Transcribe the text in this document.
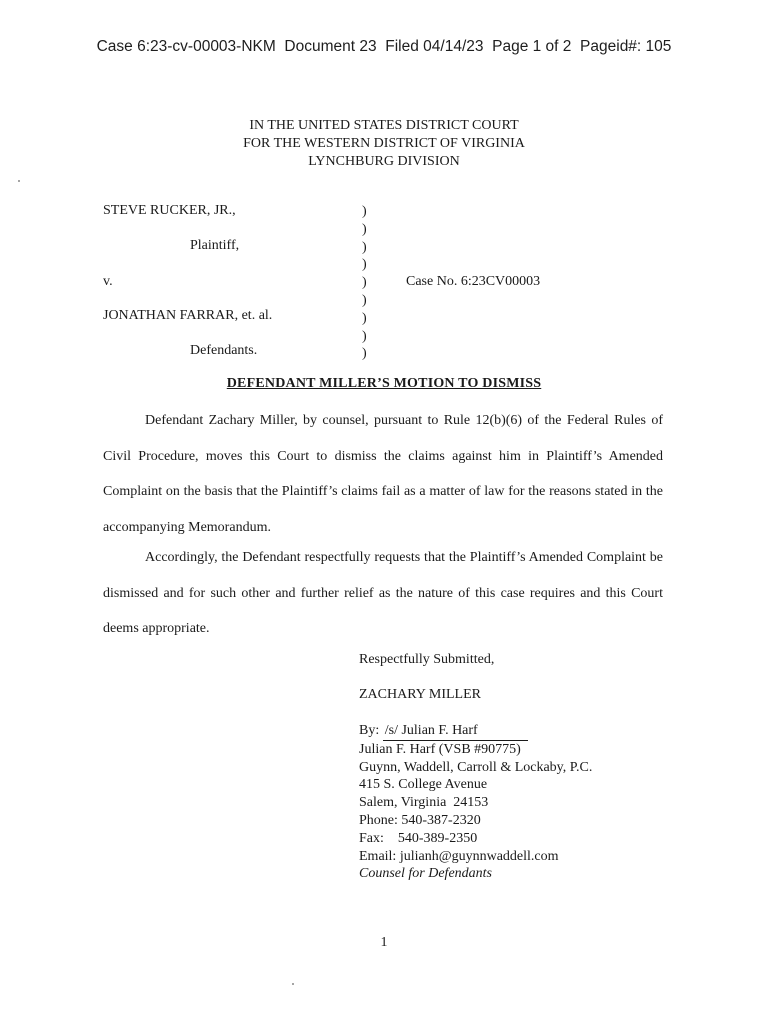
Case 6:23-cv-00003-NKM Document 23 Filed 04/14/23 Page 1 of 2 Pageid#: 105
IN THE UNITED STATES DISTRICT COURT
FOR THE WESTERN DISTRICT OF VIRGINIA
LYNCHBURG DIVISION
STEVE RUCKER, JR.,
Plaintiff,
v.	Case No. 6:23CV00003
JONATHAN FARRAR, et. al.
Defendants.
)
)
)
)
)
)
)
)
)
DEFENDANT MILLER’S MOTION TO DISMISS
Defendant Zachary Miller, by counsel, pursuant to Rule 12(b)(6) of the Federal Rules of Civil Procedure, moves this Court to dismiss the claims against him in Plaintiff’s Amended Complaint on the basis that the Plaintiff’s claims fail as a matter of law for the reasons stated in the accompanying Memorandum.
Accordingly, the Defendant respectfully requests that the Plaintiff’s Amended Complaint be dismissed and for such other and further relief as the nature of this case requires and this Court deems appropriate.
Respectfully Submitted,
ZACHARY MILLER
By: /s/ Julian F. Harf
Julian F. Harf (VSB #90775)
Guynn, Waddell, Carroll & Lockaby, P.C.
415 S. College Avenue
Salem, Virginia  24153
Phone: 540-387-2320
Fax:    540-389-2350
Email: julianh@guynnwaddell.com
Counsel for Defendants
1
